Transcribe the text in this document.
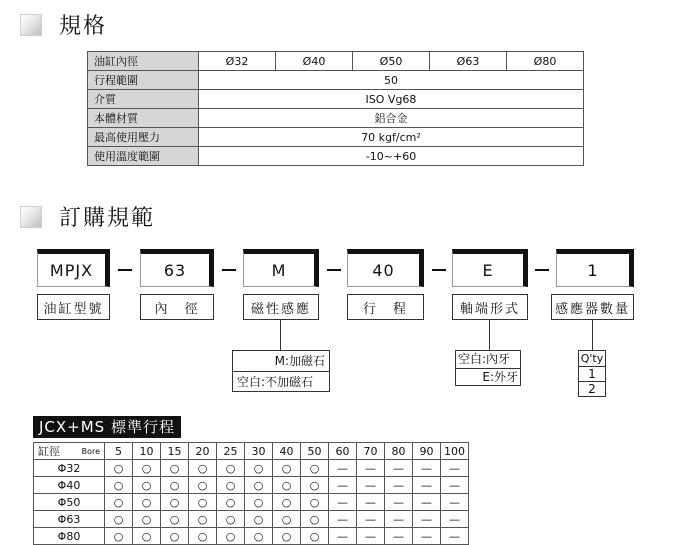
規格
油缸內徑	Ø32	Ø40	Ø50	Ø63	Ø80
行程範圍	50				
介質	ISO Vg68				
本體材質	鋁合金				
最高使用壓力	70 kgf/cm²				
使用溫度範圍	-10~+60				
訂購規範
MPJX	63	M	40	E	1
油缸型號	內　徑	磁性感應	行　程	軸端形式	感應器數量
M:加磁石
空白:不加磁石
空白:內牙
E:外牙
Q'ty
1
2
JCX+MS 標準行程
缸徑 Bore	5	10	15	20	25	30	40	50	60	70	80	90	100
Φ32	○	○	○	○	○	○	○	○	—	—	—	—	—
Φ40	○	○	○	○	○	○	○	○	—	—	—	—	—
Φ50	○	○	○	○	○	○	○	○	—	—	—	—	—
Φ63	○	○	○	○	○	○	○	○	—	—	—	—	—
Φ80	○	○	○	○	○	○	○	○	—	—	—	—	—
